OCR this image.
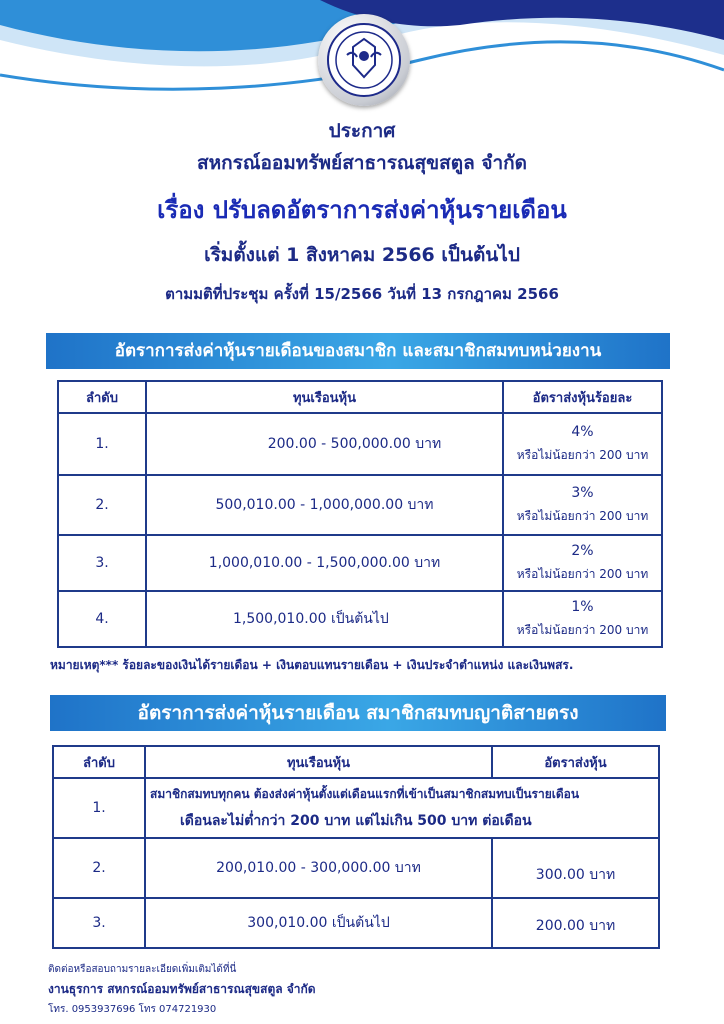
ประกาศ
สหกรณ์ออมทรัพย์สาธารณสุขสตูล จำกัด
เรื่อง ปรับลดอัตราการส่งค่าหุ้นรายเดือน
เริ่มตั้งแต่ 1 สิงหาคม 2566 เป็นต้นไป
ตามมติที่ประชุม ครั้งที่ 15/2566 วันที่ 13 กรกฎาคม 2566
อัตราการส่งค่าหุ้นรายเดือนของสมาชิก และสมาชิกสมทบหน่วยงาน
ลำดับ	ทุนเรือนหุ้น	อัตราส่งหุ้นร้อยละ
1.	200.00 - 500,000.00 บาท	4%
หรือไม่น้อยกว่า 200 บาท

2.	500,010.00 - 1,000,000.00 บาท	3%
หรือไม่น้อยกว่า 200 บาท

3.	1,000,010.00 - 1,500,000.00 บาท	2%
หรือไม่น้อยกว่า 200 บาท

4.	1,500,010.00 เป็นต้นไป	1%
หรือไม่น้อยกว่า 200 บาท
หมายเหตุ*** ร้อยละของเงินได้รายเดือน + เงินตอบแทนรายเดือน + เงินประจำตำแหน่ง และเงินพสร.
อัตราการส่งค่าหุ้นรายเดือน สมาชิกสมทบญาติสายตรง
ลำดับ	ทุนเรือนหุ้น	อัตราส่งหุ้น
1.	สมาชิกสมทบทุกคน ต้องส่งค่าหุ้นตั้งแต่เดือนแรกที่เข้าเป็นสมาชิกสมทบเป็นรายเดือน
เดือนละไม่ต่ำกว่า 200 บาท แต่ไม่เกิน 500 บาท ต่อเดือน	

2.	200,010.00 - 300,000.00 บาท	300.00 บาท
3.	300,010.00 เป็นต้นไป	200.00 บาท
ติดต่อหรือสอบถามรายละเอียดเพิ่มเติมได้ที่นี่
งานธุรการ สหกรณ์ออมทรัพย์สาธารณสุขสตูล จำกัด
โทร. 0953937696 โทร 074721930
